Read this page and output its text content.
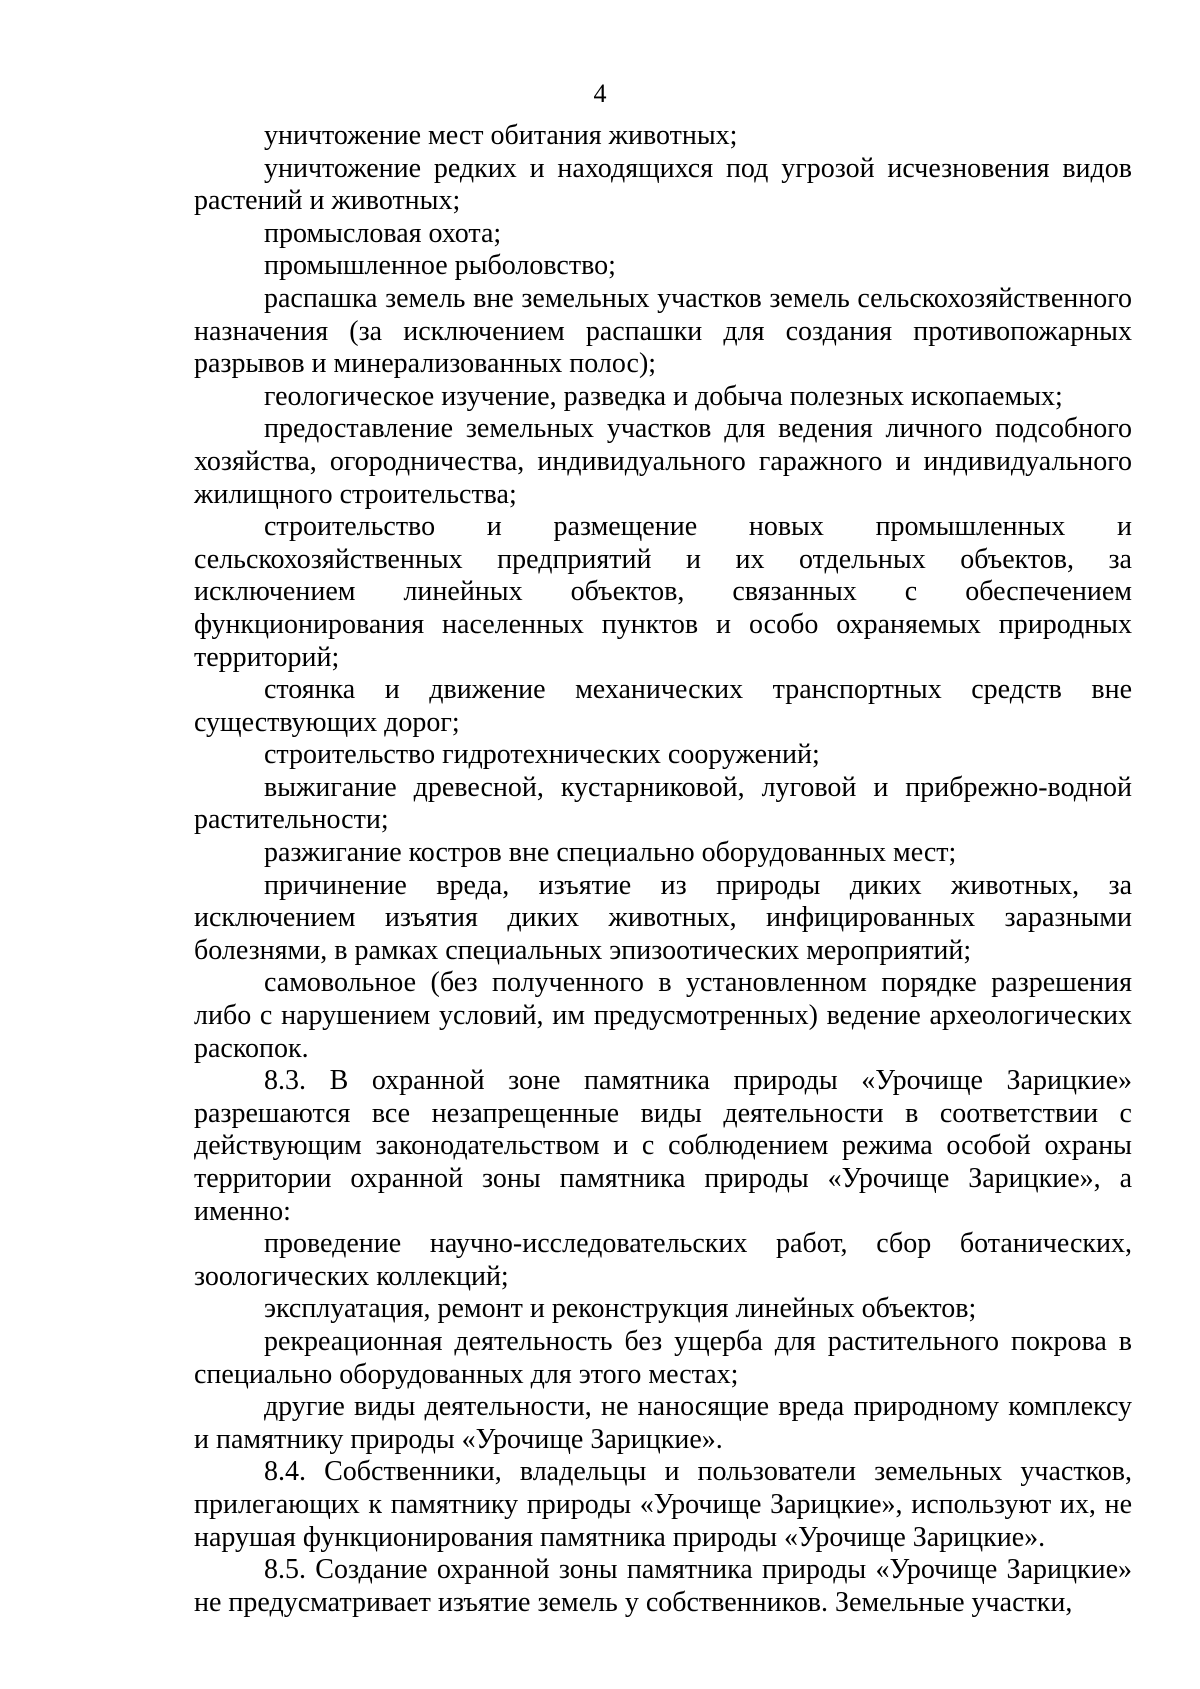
4

уничтожение мест обитания животных;

уничтожение редких и находящихся под угрозой исчезновения видов растений и животных;

промысловая охота;

промышленное рыболовство;

распашка земель вне земельных участков земель сельскохозяйственного назначения (за исключением распашки для создания противопожарных разрывов и минерализованных полос);

геологическое изучение, разведка и добыча полезных ископаемых;

предоставление земельных участков для ведения личного подсобного хозяйства, огородничества, индивидуального гаражного и индивидуального жилищного строительства;

строительство и размещение новых промышленных и сельскохозяйственных предприятий и их отдельных объектов, за исключением линейных объектов, связанных с обеспечением функционирования населенных пунктов и особо охраняемых природных территорий;

стоянка и движение механических транспортных средств вне существующих дорог;

строительство гидротехнических сооружений;

выжигание древесной, кустарниковой, луговой и прибрежно-водной растительности;

разжигание костров вне специально оборудованных мест;

причинение вреда, изъятие из природы диких животных, за исключением изъятия диких животных, инфицированных заразными болезнями, в рамках специальных эпизоотических мероприятий;

самовольное (без полученного в установленном порядке разрешения либо с нарушением условий, им предусмотренных) ведение археологических раскопок.

8.3. В охранной зоне памятника природы «Урочище Зарицкие» разрешаются все незапрещенные виды деятельности в соответствии с действующим законодательством и с соблюдением режима особой охраны территории охранной зоны памятника природы «Урочище Зарицкие», а именно:

проведение научно-исследовательских работ, сбор ботанических, зоологических коллекций;

эксплуатация, ремонт и реконструкция линейных объектов;

рекреационная деятельность без ущерба для растительного покрова в специально оборудованных для этого местах;

другие виды деятельности, не наносящие вреда природному комплексу и памятнику природы «Урочище Зарицкие».

8.4. Собственники, владельцы и пользователи земельных участков, прилегающих к памятнику природы «Урочище Зарицкие», используют их, не нарушая функционирования памятника природы «Урочище Зарицкие».

8.5. Создание охранной зоны памятника природы «Урочище Зарицкие» не предусматривает изъятие земель у собственников. Земельные участки,
